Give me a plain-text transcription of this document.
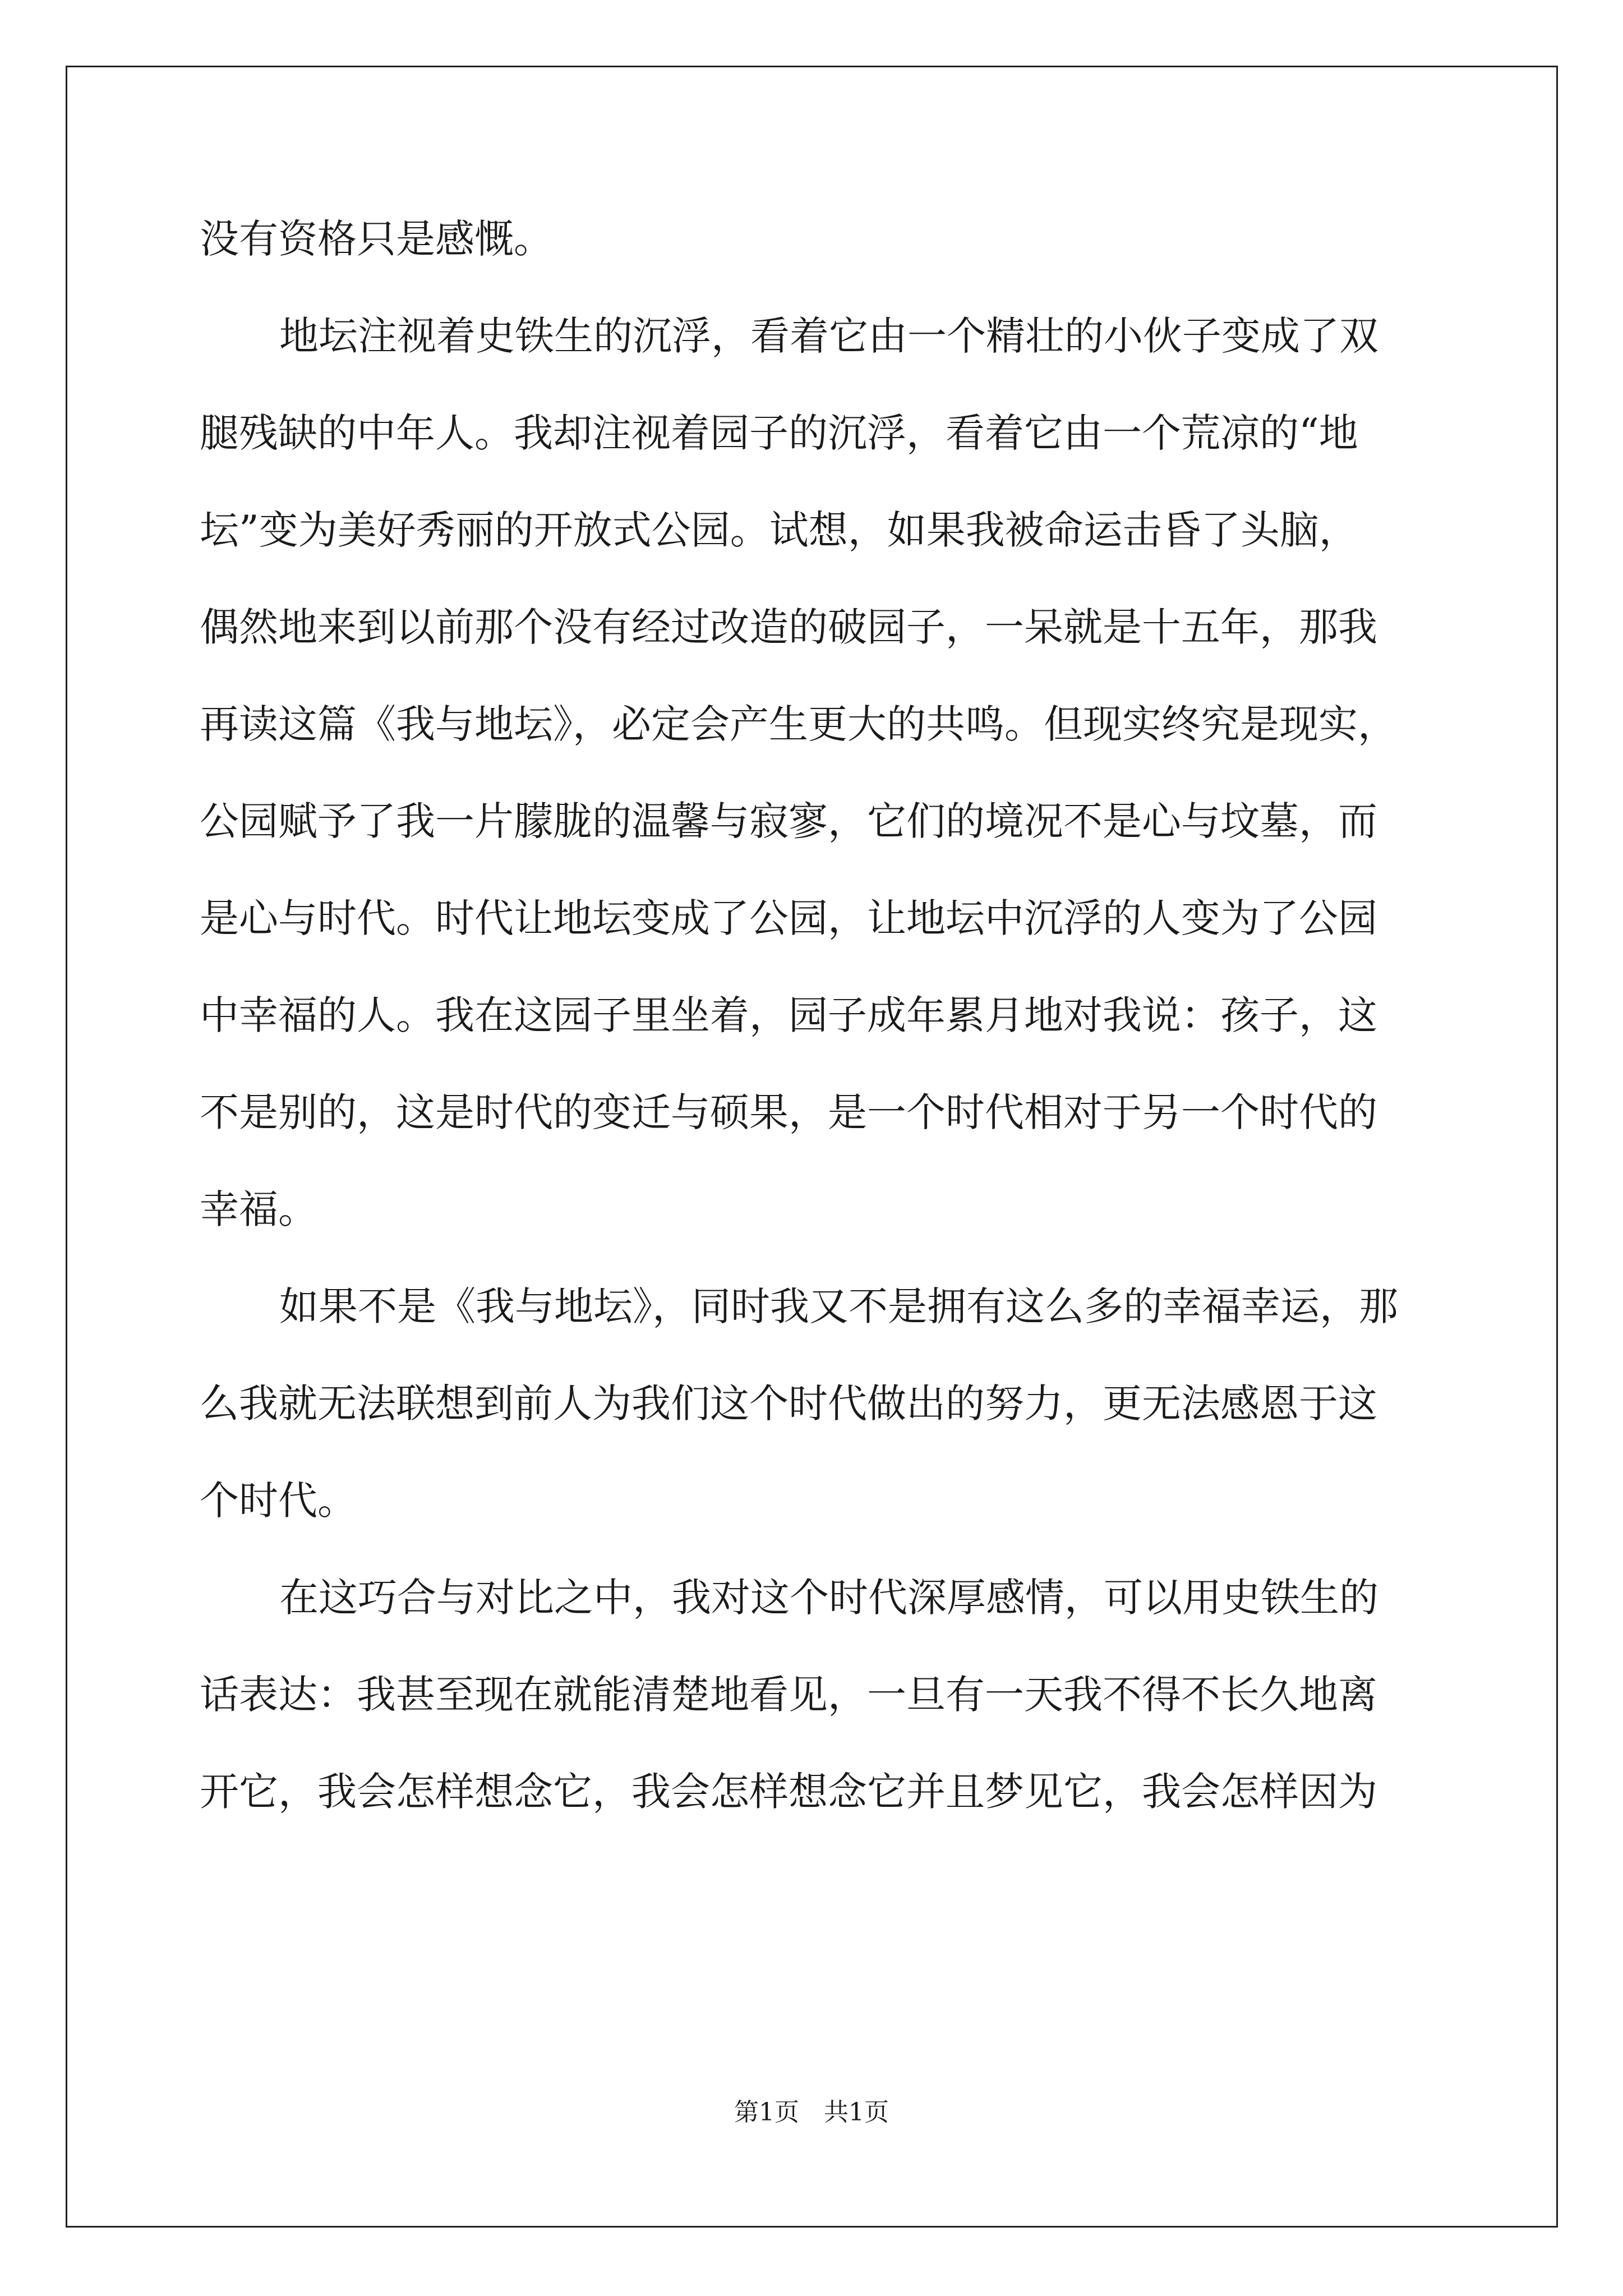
没有资格只是感慨。
地坛注视着史铁生的沉浮，看着它由一个精壮的小伙子变成了双
腿残缺的中年人。我却注视着园子的沉浮，看着它由一个荒凉的“地
坛”变为美好秀丽的开放式公园。试想，如果我被命运击昏了头脑，
偶然地来到以前那个没有经过改造的破园子，一呆就是十五年，那我
再读这篇《我与地坛》，必定会产生更大的共鸣。但现实终究是现实，
公园赋予了我一片朦胧的温馨与寂寥，它们的境况不是心与坟墓，而
是心与时代。时代让地坛变成了公园，让地坛中沉浮的人变为了公园
中幸福的人。我在这园子里坐着，园子成年累月地对我说：孩子，这
不是别的，这是时代的变迁与硕果，是一个时代相对于另一个时代的
幸福。
如果不是《我与地坛》，同时我又不是拥有这么多的幸福幸运，那
么我就无法联想到前人为我们这个时代做出的努力，更无法感恩于这
个时代。
在这巧合与对比之中，我对这个时代深厚感情，可以用史铁生的
话表达：我甚至现在就能清楚地看见，一旦有一天我不得不长久地离
开它，我会怎样想念它，我会怎样想念它并且梦见它，我会怎样因为
第1页　共1页
